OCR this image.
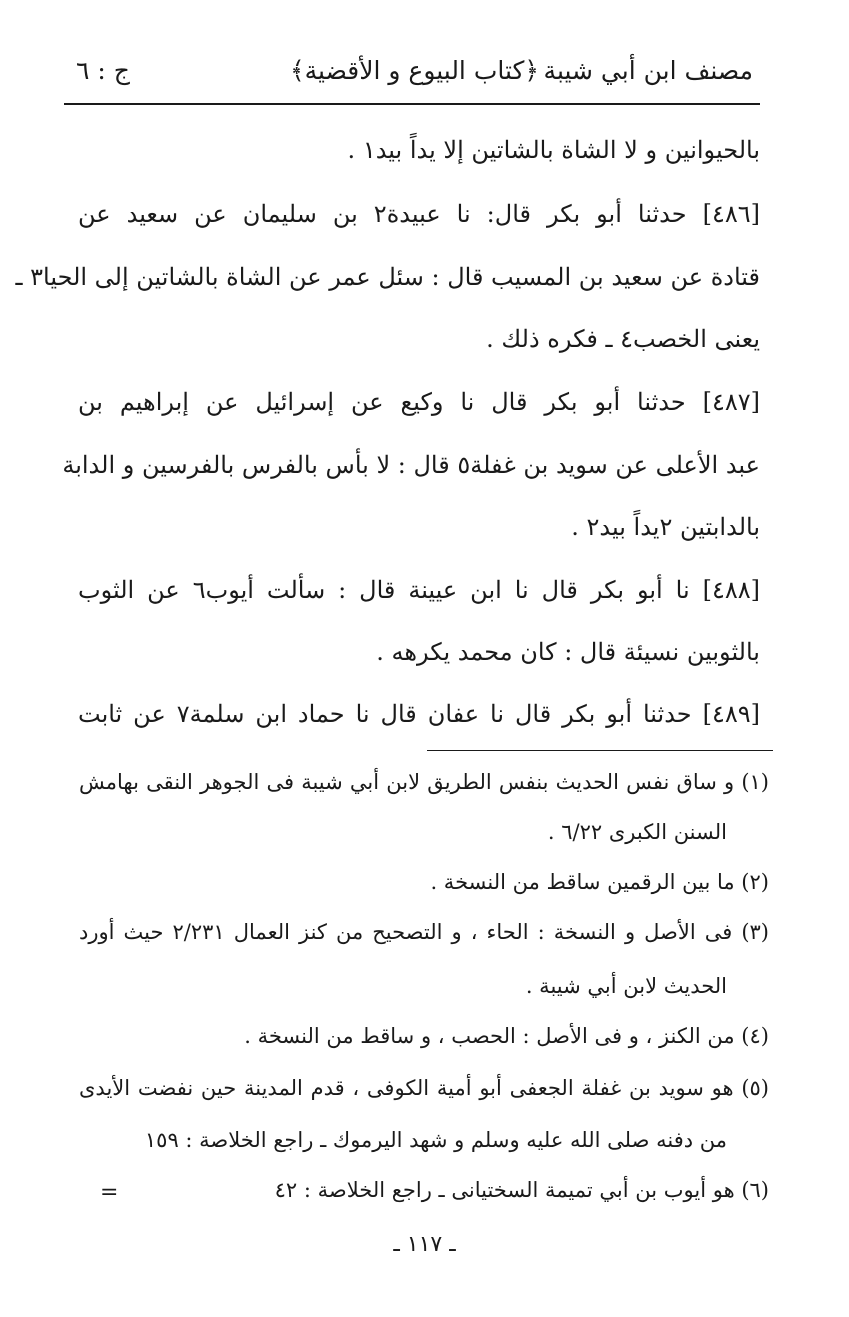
مصنف ابن أبي شيبة
﴿كتاب البيوع و الأقضية﴾
ج : ٦
بالحيوانين و لا الشاة بالشاتين إلا يداً بيد١ .
[٤٨٦] حدثنا أبو بكر قال: نا عبيدة٢ بن سليمان عن سعيد عن
قتادة عن سعيد بن المسيب قال : سئل عمر عن الشاة بالشاتين إلى الحيا٣ ـ
يعنى الخصب٤ ـ فكره ذلك .
[٤٨٧] حدثنا أبو بكر قال نا وكيع عن إسرائيل عن إبراهيم بن
عبد الأعلى عن سويد بن غفلة٥ قال : لا بأس بالفرس بالفرسين و الدابة
بالدابتين ٢يداً بيد٢ .
[٤٨٨] نا أبو بكر قال نا ابن عيينة قال : سألت أيوب٦ عن الثوب
بالثوبين نسيئة قال : كان محمد يكرهه .
[٤٨٩] حدثنا أبو بكر قال نا عفان قال نا حماد ابن سلمة٧ عن ثابت
(١) و ساق نفس الحديث بنفس الطريق لابن أبي شيبة فى الجوهر النقى بهامش
السنن الكبرى ٦/٢٢ .
(٢) ما بين الرقمين ساقط من النسخة .
(٣) فى الأصل و النسخة : الحاء ، و التصحيح من كنز العمال ٢/٢٣١ حيث أورد
الحديث لابن أبي شيبة .
(٤) من الكنز ، و فى الأصل : الحصب ، و ساقط من النسخة .
(٥) هو سويد بن غفلة الجعفى أبو أمية الكوفى ، قدم المدينة حين نفضت الأيدى
من دفنه صلى الله عليه وسلم و شهد اليرموك ـ راجع الخلاصة : ١٥٩
(٦) هو أيوب بن أبي تميمة السختيانى ـ راجع الخلاصة : ٤٢
=
ـ ١١٧ ـ
